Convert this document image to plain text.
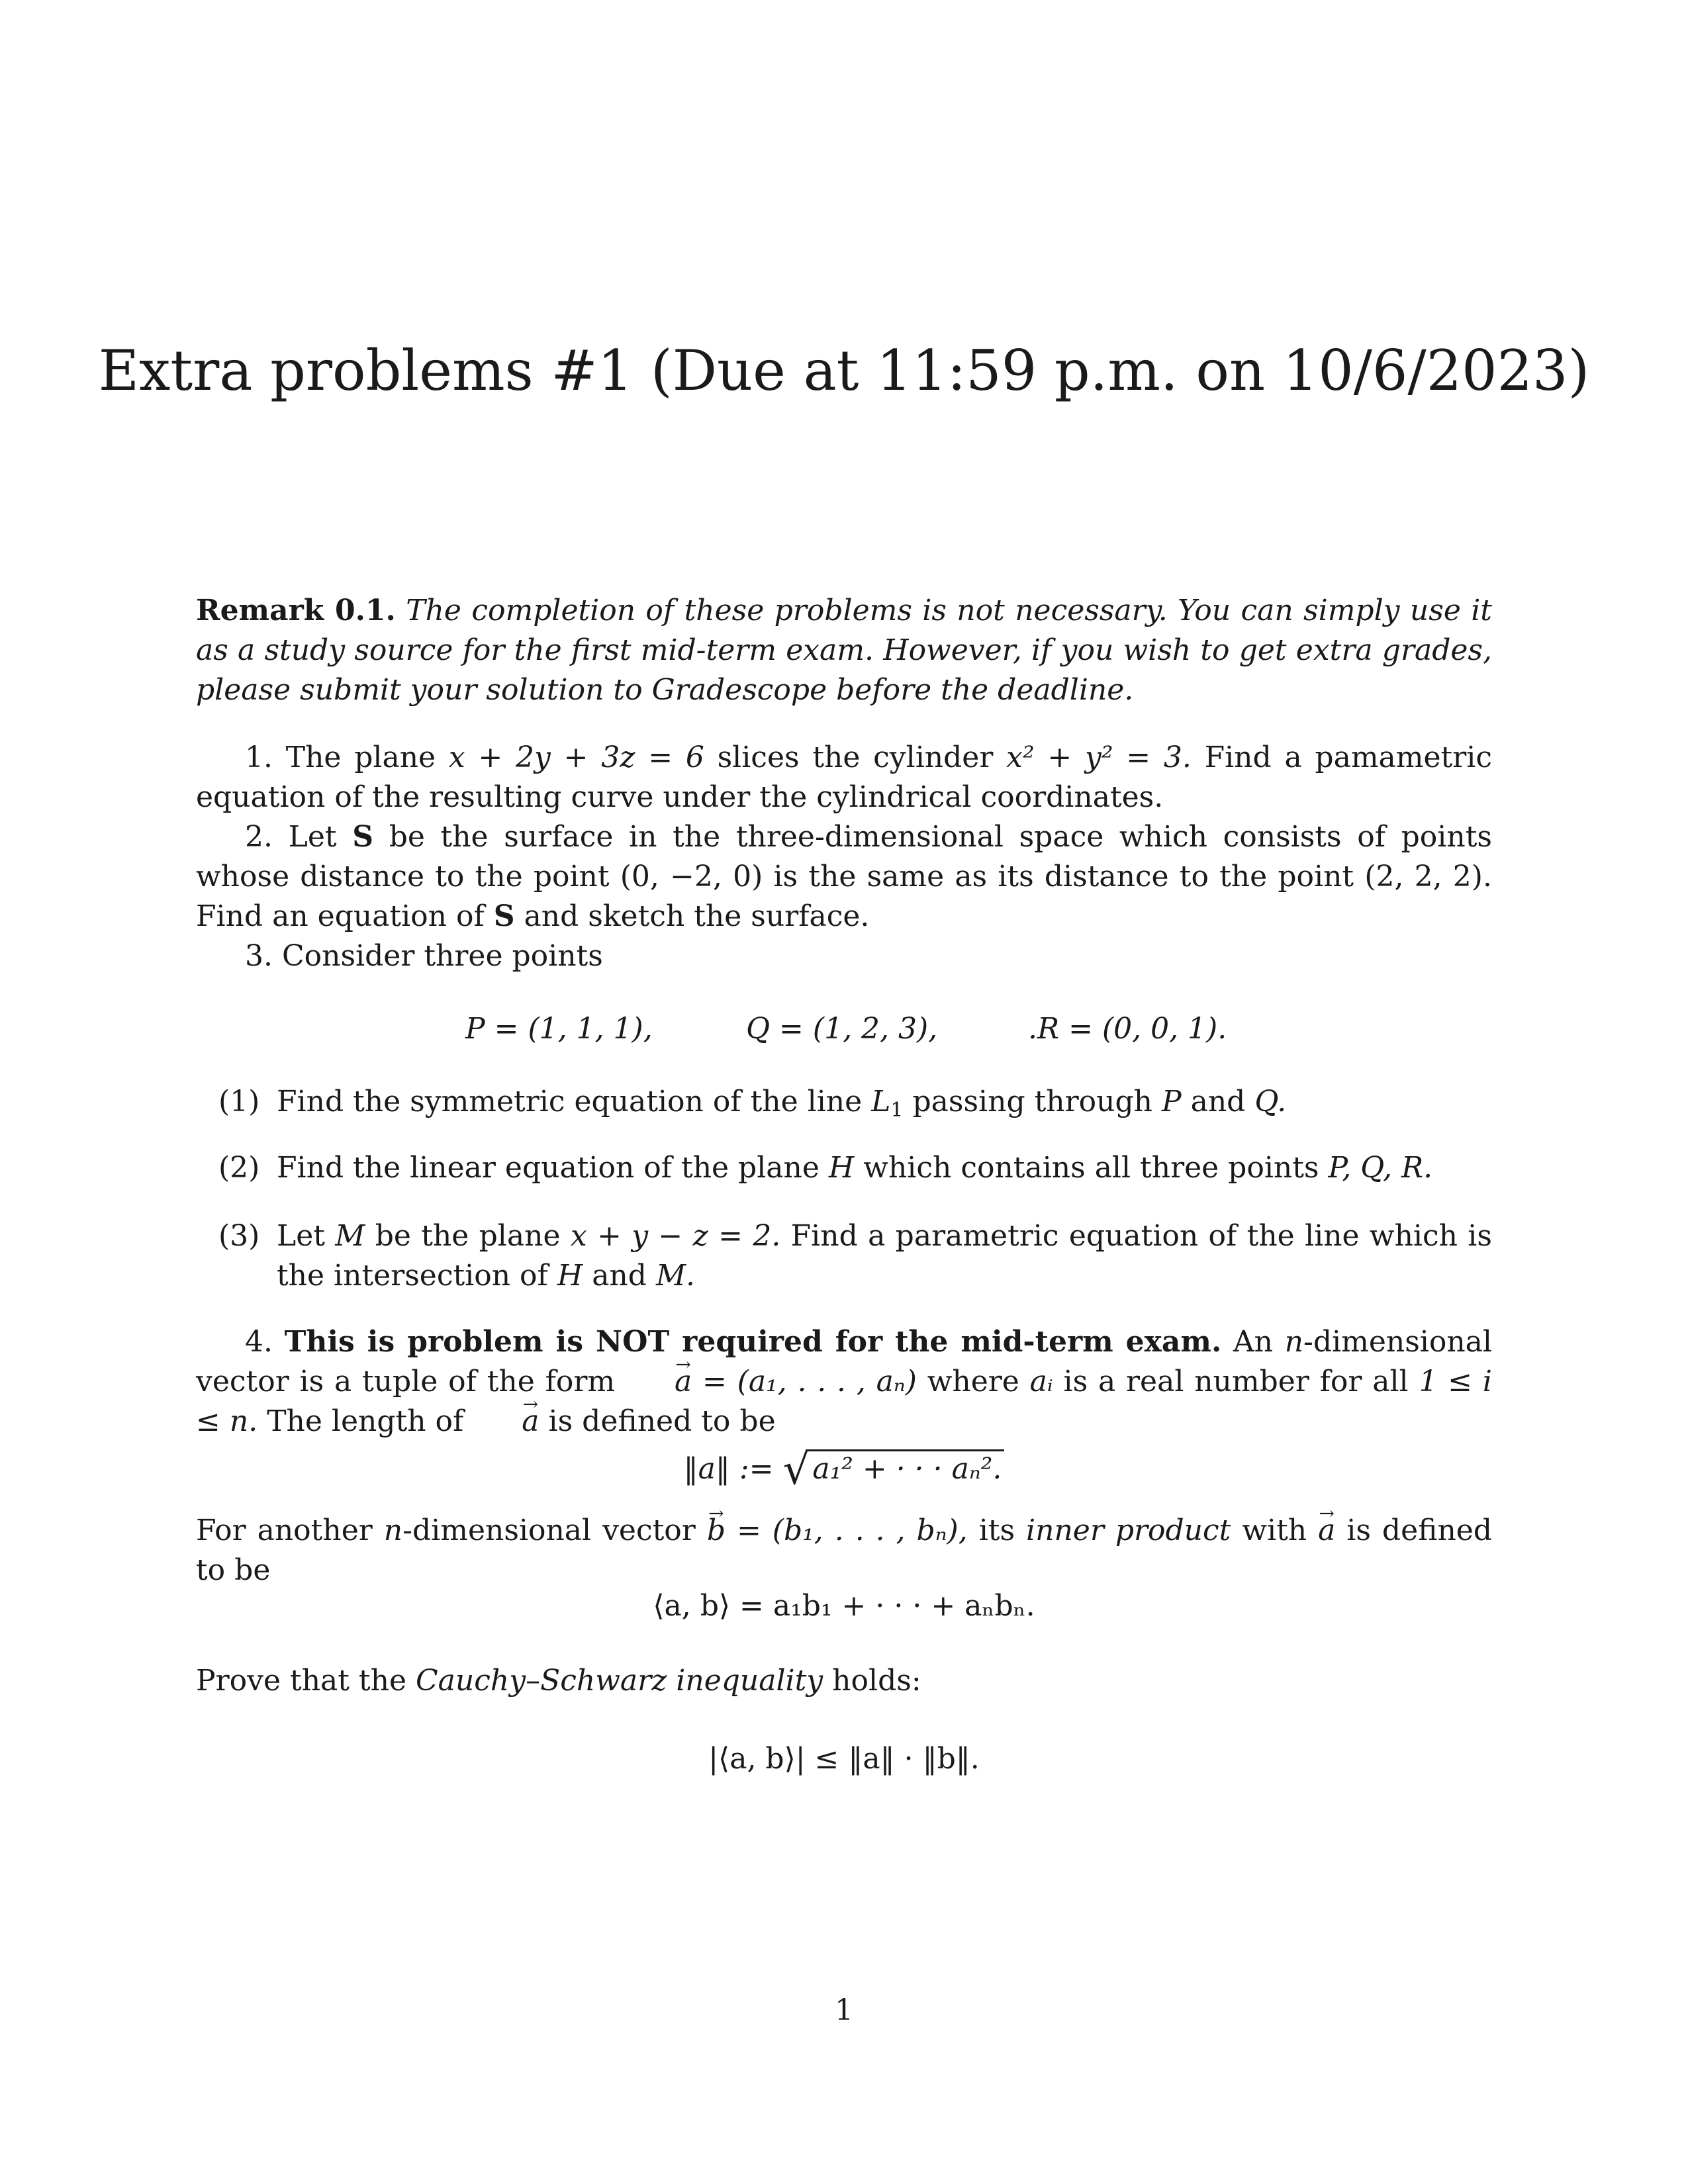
Extra problems #1 (Due at 11:59 p.m. on 10/6/2023)

Remark 0.1. The completion of these problems is not necessary. You can simply use it as a study source for the first mid-term exam. However, if you wish to get extra grades, please submit your solution to Gradescope before the deadline.

1. The plane x + 2y + 3z = 6 slices the cylinder x² + y² = 3. Find a pamametric equation of the resulting curve under the cylindrical coordinates.

2. Let S be the surface in the three-dimensional space which consists of points whose distance to the point (0, −2, 0) is the same as its distance to the point (2, 2, 2). Find an equation of S and sketch the surface.

3. Consider three points

P = (1, 1, 1),	Q = (1, 2, 3),	.R = (0, 0, 1).
(1) Find the symmetric equation of the line $L_1$ passing through P and Q.
(2) Find the linear equation of the plane H which contains all three points P, Q, R.
(3) Let M be the plane x + y − z = 2. Find a parametric equation of the line which is the intersection of H and M.

4. This is problem is NOT required for the mid-term exam. An n-dimensional vector is a tuple of the form → a = (a₁, . . . , aₙ) where aᵢ is a real number for all 1 ≤ i ≤ n. The length of → a is defined to be

‖a‖ := √a₁² + · · · aₙ².

For another n-dimensional vector → b = (b₁, . . . , bₙ), its inner product with → a is defined to be

⟨a, b⟩ = a₁b₁ + · · · + aₙbₙ.

Prove that the Cauchy–Schwarz inequality holds:

|⟨a, b⟩| ≤ ‖a‖ · ‖b‖.
1
